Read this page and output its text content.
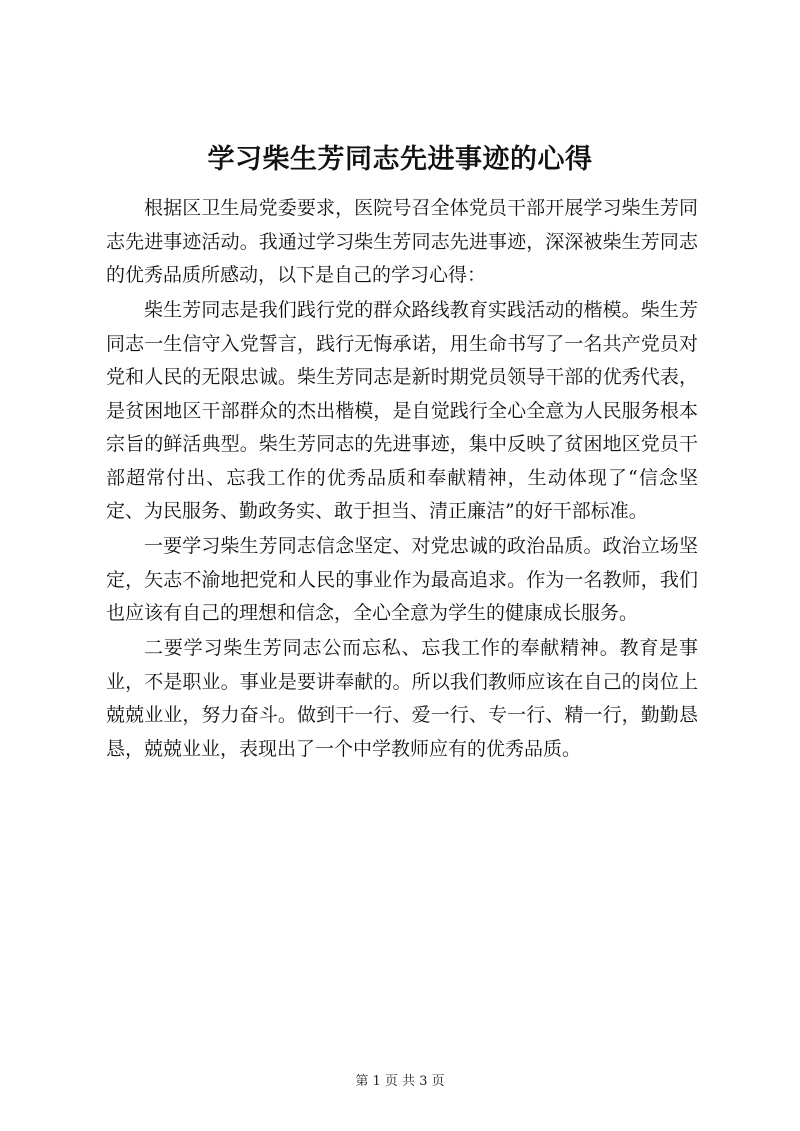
学习柴生芳同志先进事迹的心得

根据区卫生局党委要求，医院号召全体党员干部开展学习柴生芳同志先进事迹活动。我通过学习柴生芳同志先进事迹，深深被柴生芳同志的优秀品质所感动，以下是自己的学习心得：

柴生芳同志是我们践行党的群众路线教育实践活动的楷模。柴生芳同志一生信守入党誓言，践行无悔承诺，用生命书写了一名共产党员对党和人民的无限忠诚。柴生芳同志是新时期党员领导干部的优秀代表，是贫困地区干部群众的杰出楷模，是自觉践行全心全意为人民服务根本宗旨的鲜活典型。柴生芳同志的先进事迹，集中反映了贫困地区党员干部超常付出、忘我工作的优秀品质和奉献精神，生动体现了“信念坚定、为民服务、勤政务实、敢于担当、清正廉洁”的好干部标准。

一要学习柴生芳同志信念坚定、对党忠诚的政治品质。政治立场坚定，矢志不渝地把党和人民的事业作为最高追求。作为一名教师，我们也应该有自己的理想和信念，全心全意为学生的健康成长服务。

二要学习柴生芳同志公而忘私、忘我工作的奉献精神。教育是事业，不是职业。事业是要讲奉献的。所以我们教师应该在自己的岗位上兢兢业业，努力奋斗。做到干一行、爱一行、专一行、精一行，勤勤恳恳，兢兢业业，表现出了一个中学教师应有的优秀品质。

第 1 页 共 3 页
